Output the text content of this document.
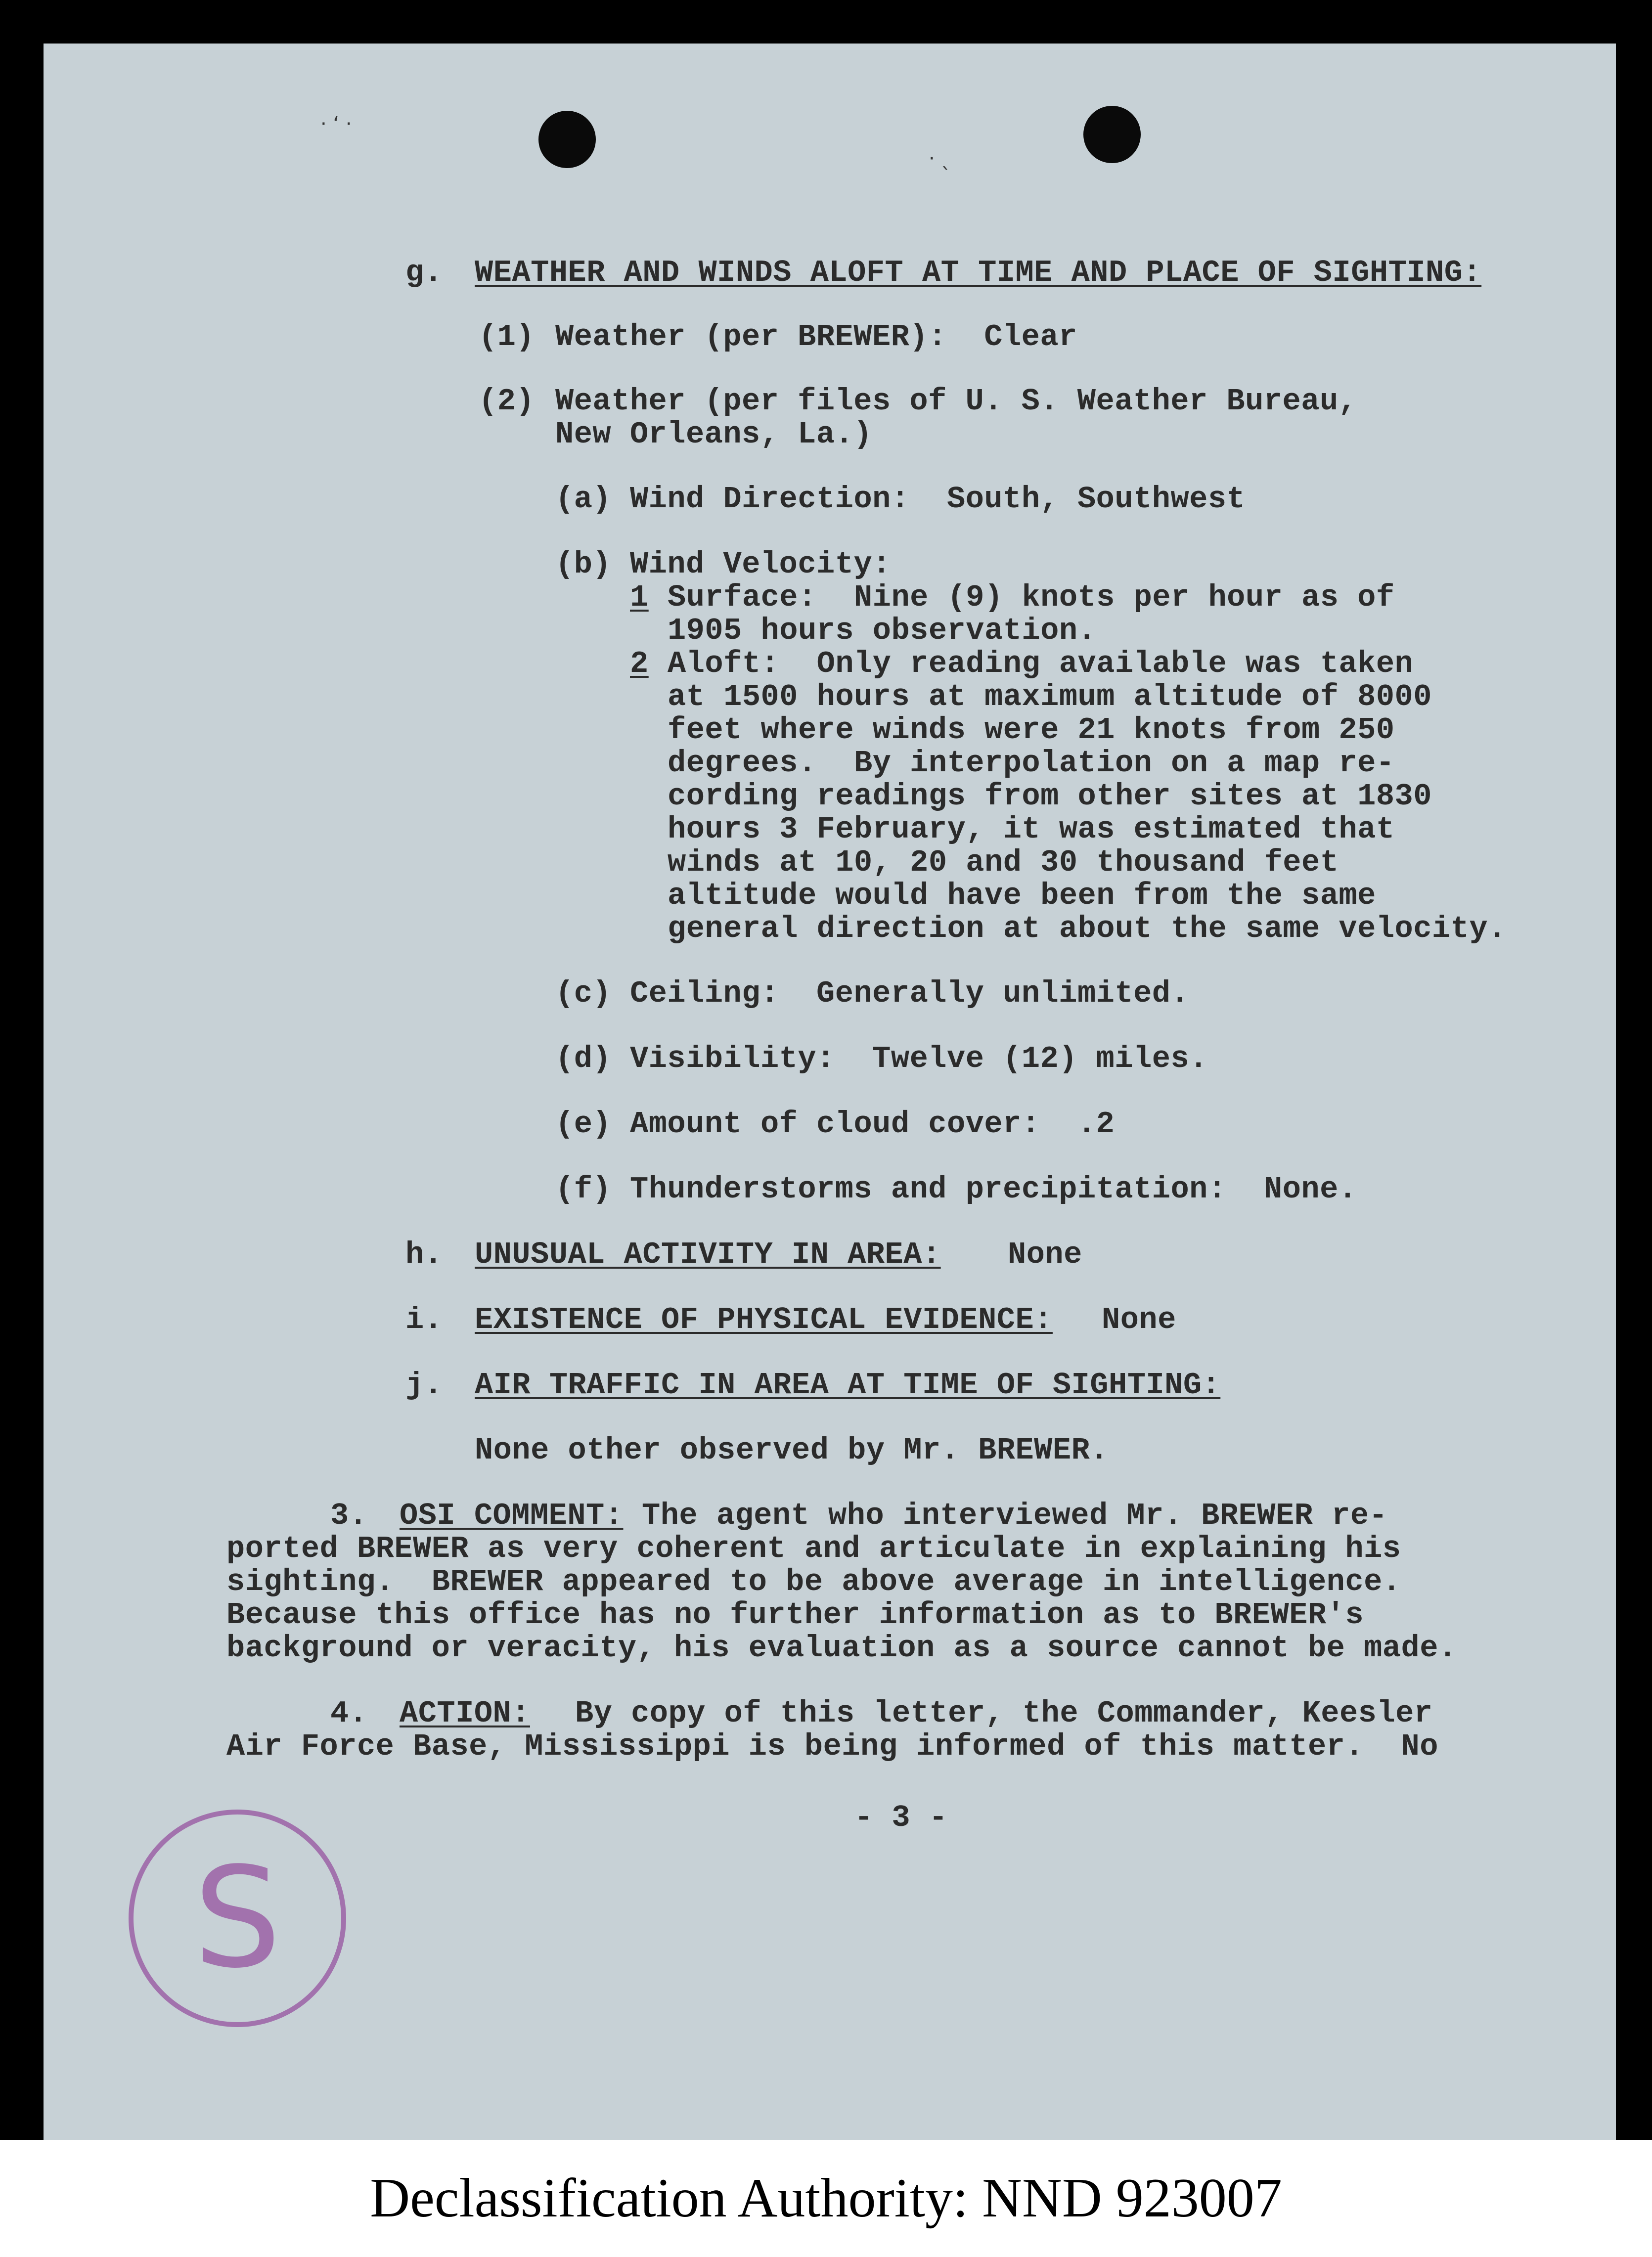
· ‘ ·
· ˎ

g. WEATHER AND WINDS ALOFT AT TIME AND PLACE OF SIGHTING:

(1) Weather (per BREWER):  Clear

(2) Weather (per files of U. S. Weather Bureau,

New Orleans, La.)

(a) Wind Direction:  South, Southwest

(b) Wind Velocity:

1 Surface:  Nine (9) knots per hour as of

1905 hours observation.

2 Aloft:  Only reading available was taken

at 1500 hours at maximum altitude of 8000

feet where winds were 21 knots from 250

degrees.  By interpolation on a map re-

cording readings from other sites at 1830

hours 3 February, it was estimated that

winds at 10, 20 and 30 thousand feet

altitude would have been from the same

general direction at about the same velocity.

(c) Ceiling:  Generally unlimited.

(d) Visibility:  Twelve (12) miles.

(e) Amount of cloud cover:  .2

(f) Thunderstorms and precipitation:  None.

h. UNUSUAL ACTIVITY IN AREA: None

i. EXISTENCE OF PHYSICAL EVIDENCE: None

j. AIR TRAFFIC IN AREA AT TIME OF SIGHTING:

None other observed by Mr. BREWER.

3. OSI COMMENT: The agent who interviewed Mr. BREWER re-

ported BREWER as very coherent and articulate in explaining his

sighting.  BREWER appeared to be above average in intelligence.

Because this office has no further information as to BREWER's

background or veracity, his evaluation as a source cannot be made.

4. ACTION: By copy of this letter, the Commander, Keesler

Air Force Base, Mississippi is being informed of this matter.  No

- 3 -

S
Declassification Authority: NND 923007
